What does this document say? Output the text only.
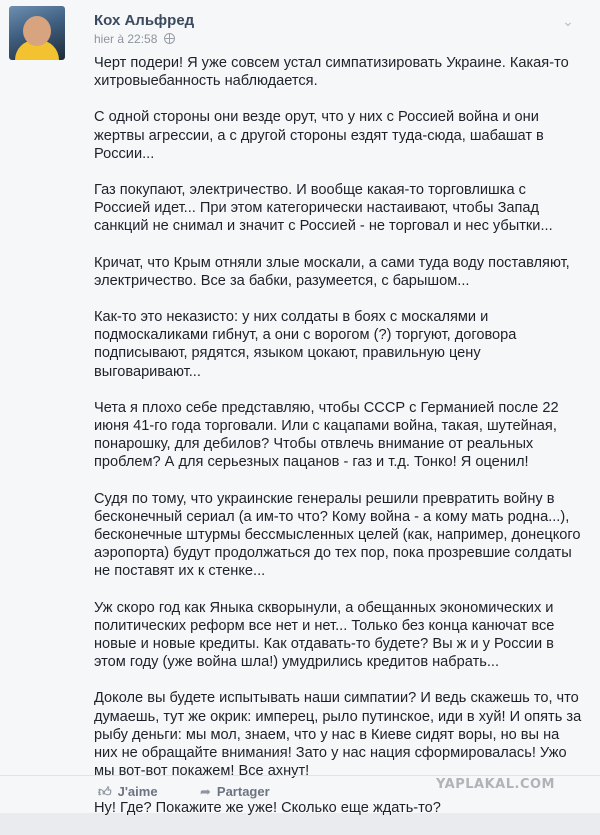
Кох Альфред
hier à 22:58
⌄

Черт подери! Я уже совсем устал симпатизировать Украине. Какая-то хитровыебанность наблюдается.

С одной стороны они везде орут, что у них с Россией война и они жертвы агрессии, а с другой стороны ездят туда-сюда, шабашат в России...

Газ покупают, электричество. И вообще какая-то торговлишка с Россией идет... При этом категорически настаивают, чтобы Запад санкций не снимал и значит с Россией - не торговал и нес убытки...

Кричат, что Крым отняли злые москали, а сами туда воду поставляют, электричество. Все за бабки, разумеется, с барышом...

Как-то это неказисто: у них солдаты в боях с москалями и подмоскаликами гибнут, а они с ворогом (?) торгуют, договора подписывают, рядятся, языком цокают, правильную цену выговаривают...

Чета я плохо себе представляю, чтобы СССР с Германией после 22 июня 41-го года торговали. Или с кацапами война, такая, шутейная, понарошку, для дебилов? Чтобы отвлечь внимание от реальных проблем? А для серьезных пацанов - газ и т.д. Тонко! Я оценил!

Судя по тому, что украинские генералы решили превратить войну в бесконечный сериал (а им-то что? Кому война - а кому мать родна...), бесконечные штурмы бессмысленных целей (как, например, донецкого аэропорта) будут продолжаться до тех пор, пока прозревшие солдаты не поставят их к стенке...

Уж скоро год как Яныка скворынули, а обещанных экономических и политических реформ все нет и нет... Только без конца канючат все новые и новые кредиты. Как отдавать-то будете? Вы ж и у России в этом году (уже война шла!) умудрились кредитов набрать...

Доколе вы будете испытывать наши симпатии? И ведь скажешь то, что думаешь, тут же окрик: имперец, рыло путинское, иди в хуй! И опять за рыбу деньги: мы мол, знаем, что у нас в Киеве сидят воры, но вы на них не обращайте внимания! Зато у нас нация сформировалась! Ужо мы вот-вот покажем! Все ахнут!

Ну! Где? Покажите же уже! Сколько еще ждать-то?

👍︎ J'aime	➦ Partager	YAPLAKAL.COM
